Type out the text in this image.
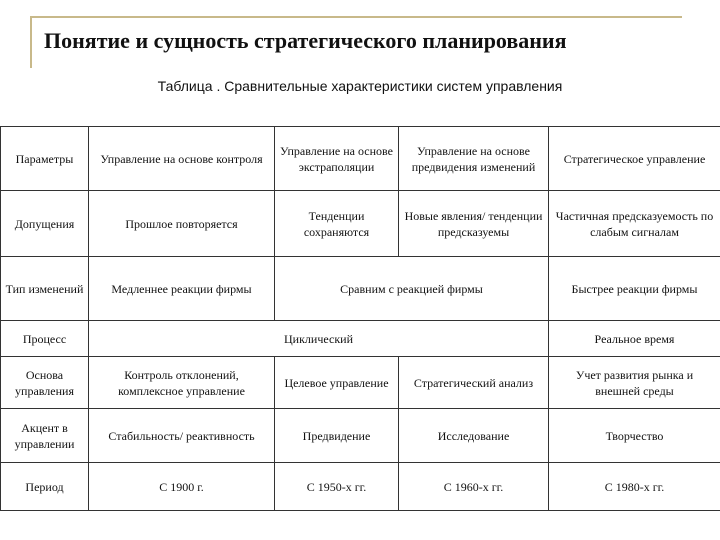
Понятие и сущность стратегического планирования
Таблица . Сравнительные характеристики систем управления
Параметры	Управление на основе контроля	Управление на основе экстраполяции	Управление на основе предвидения изменений	Стратегическое управление
Допущения	Прошлое повторяется	Тенденции сохраняются	Новые явления/ тенденции предсказуемы	Частичная предсказуемость по слабым сигналам
Тип изменений	Медленнее реакции фирмы	Сравним с реакцией фирмы		Быстрее реакции фирмы
Процесс	Циклический			Реальное время
Основа управления	Контроль отклонений, комплексное управление	Целевое управление	Стратегический анализ	Учет развития рынка и внешней среды
Акцент в управлении	Стабильность/ реактивность	Предвидение	Исследование	Творчество
Период	С 1900 г.	С 1950-х гг.	С 1960-х гг.	С 1980-х гг.
